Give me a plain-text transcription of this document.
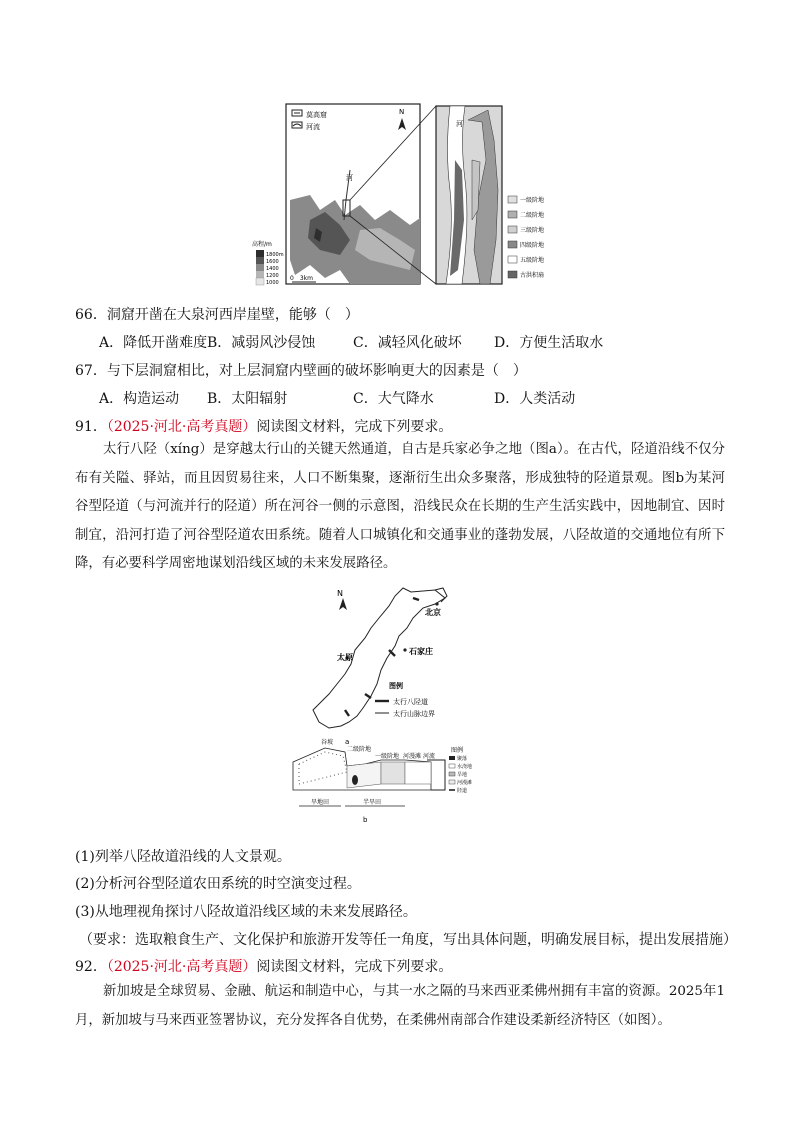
莫高窟
河流
N
河
高程/m
1800m
1600
1400
1200
1000
0　3km
河
一级阶地
二级阶地
三级阶地
四级阶地
五级阶地
古洪积扇
66．洞窟开凿在大泉河西岸崖壁，能够（　）
A．降低开凿难度 B．减弱风沙侵蚀	C．减轻风化破坏 D．方便生活取水
67．与下层洞窟相比，对上层洞窟内壁画的破坏影响更大的因素是（　）
A．构造运动 B．太阳辐射	C．大气降水	D．人类活动
91．（2025·河北·高考真题）阅读图文材料，完成下列要求。
太行八陉（xíng）是穿越太行山的关键天然通道，自古是兵家必争之地（图a）。在古代，陉道沿线不仅分布有关隘、驿站，而且因贸易往来，人口不断集聚，逐渐衍生出众多聚落，形成独特的陉道景观。图b为某河谷型陉道（与河流并行的陉道）所在河谷一侧的示意图，沿线民众在长期的生产生活实践中，因地制宜、因时制宜，沿河打造了河谷型陉道农田系统。随着人口城镇化和交通事业的蓬勃发展，八陉故道的交通地位有所下降，有必要科学周密地谋划沿线区域的未来发展路径。
N
北京
石家庄
太原
图例
太行八陉道
太行山脉边界
a
谷坡
二级阶地
一级阶地 河漫滩 河流
图例
聚落
水浇地
旱地
河漫滩
陉道
旱地田	半旱田
b
(1)列举八陉故道沿线的人文景观。
(2)分析河谷型陉道农田系统的时空演变过程。
(3)从地理视角探讨八陉故道沿线区域的未来发展路径。
（要求：选取粮食生产、文化保护和旅游开发等任一角度，写出具体问题，明确发展目标，提出发展措施）
92．（2025·河北·高考真题）阅读图文材料，完成下列要求。
新加坡是全球贸易、金融、航运和制造中心，与其一水之隔的马来西亚柔佛州拥有丰富的资源。2025年1月，新加坡与马来西亚签署协议，充分发挥各自优势，在柔佛州南部合作建设柔新经济特区（如图）。
